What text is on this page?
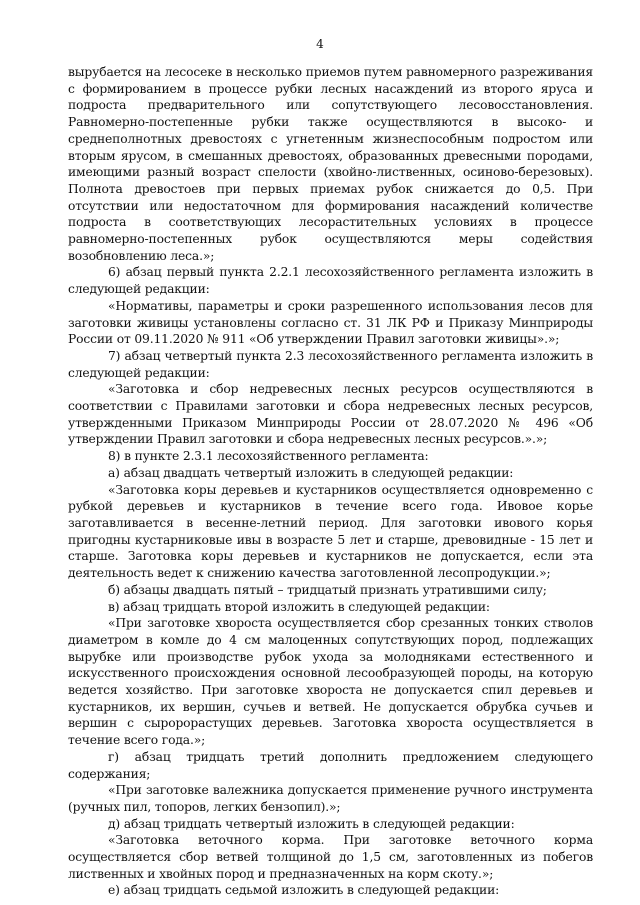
4

вырубается на лесосеке в несколько приемов путем равномерного разреживания с формированием в процессе рубки лесных насаждений из второго яруса и подроста предварительного или сопутствующего лесовосстановления. Равномерно-постепенные рубки также осуществляются в высоко- и среднеполнотных древостоях с угнетенным жизнеспособным подростом или вторым ярусом, в смешанных древостоях, образованных древесными породами, имеющими разный возраст спелости (хвойно-лиственных, осиново-березовых). Полнота древостоев при первых приемах рубок снижается до 0,5. При отсутствии или недостаточном для формирования насаждений количестве подроста в соответствующих лесорастительных условиях в процессе равномерно-постепенных рубок осуществляются меры содействия возобновлению леса.»;

6) абзац первый пункта 2.2.1 лесохозяйственного регламента изложить в следующей редакции:

«Нормативы, параметры и сроки разрешенного использования лесов для заготовки живицы установлены согласно ст. 31 ЛК РФ и Приказу Минприроды России от 09.11.2020 № 911 «Об утверждении Правил заготовки живицы».»;

7) абзац четвертый пункта 2.3 лесохозяйственного регламента изложить в следующей редакции:

«Заготовка и сбор недревесных лесных ресурсов осуществляются в соответствии с Правилами заготовки и сбора недревесных лесных ресурсов, утвержденными Приказом Минприроды России от 28.07.2020 № 496 «Об утверждении Правил заготовки и сбора недревесных лесных ресурсов.».»;

8) в пункте 2.3.1 лесохозяйственного регламента:

а) абзац двадцать четвертый изложить в следующей редакции:

«Заготовка коры деревьев и кустарников осуществляется одновременно с рубкой деревьев и кустарников в течение всего года. Ивовое корье заготавливается в весенне-летний период. Для заготовки ивового корья пригодны кустарниковые ивы в возрасте 5 лет и старше, древовидные - 15 лет и старше. Заготовка коры деревьев и кустарников не допускается, если эта деятельность ведет к снижению качества заготовленной лесопродукции.»;

б) абзацы двадцать пятый – тридцатый признать утратившими силу;

в) абзац тридцать второй изложить в следующей редакции:

«При заготовке хвороста осуществляется сбор срезанных тонких стволов диаметром в комле до 4 см малоценных сопутствующих пород, подлежащих вырубке или производстве рубок ухода за молодняками естественного и искусственного происхождения основной лесообразующей породы, на которую ведется хозяйство. При заготовке хвороста не допускается спил деревьев и кустарников, их вершин, сучьев и ветвей. Не допускается обрубка сучьев и вершин с сыророрастущих деревьев. Заготовка хвороста осуществляется в течение всего года.»;

г) абзац тридцать третий дополнить предложением следующего содержания;

«При заготовке валежника допускается применение ручного инструмента (ручных пил, топоров, легких бензопил).»;

д) абзац тридцать четвертый изложить в следующей редакции:

«Заготовка веточного корма. При заготовке веточного корма осуществляется сбор ветвей толщиной до 1,5 см, заготовленных из побегов лиственных и хвойных пород и предназначенных на корм скоту.»;

е) абзац тридцать седьмой изложить в следующей редакции:
